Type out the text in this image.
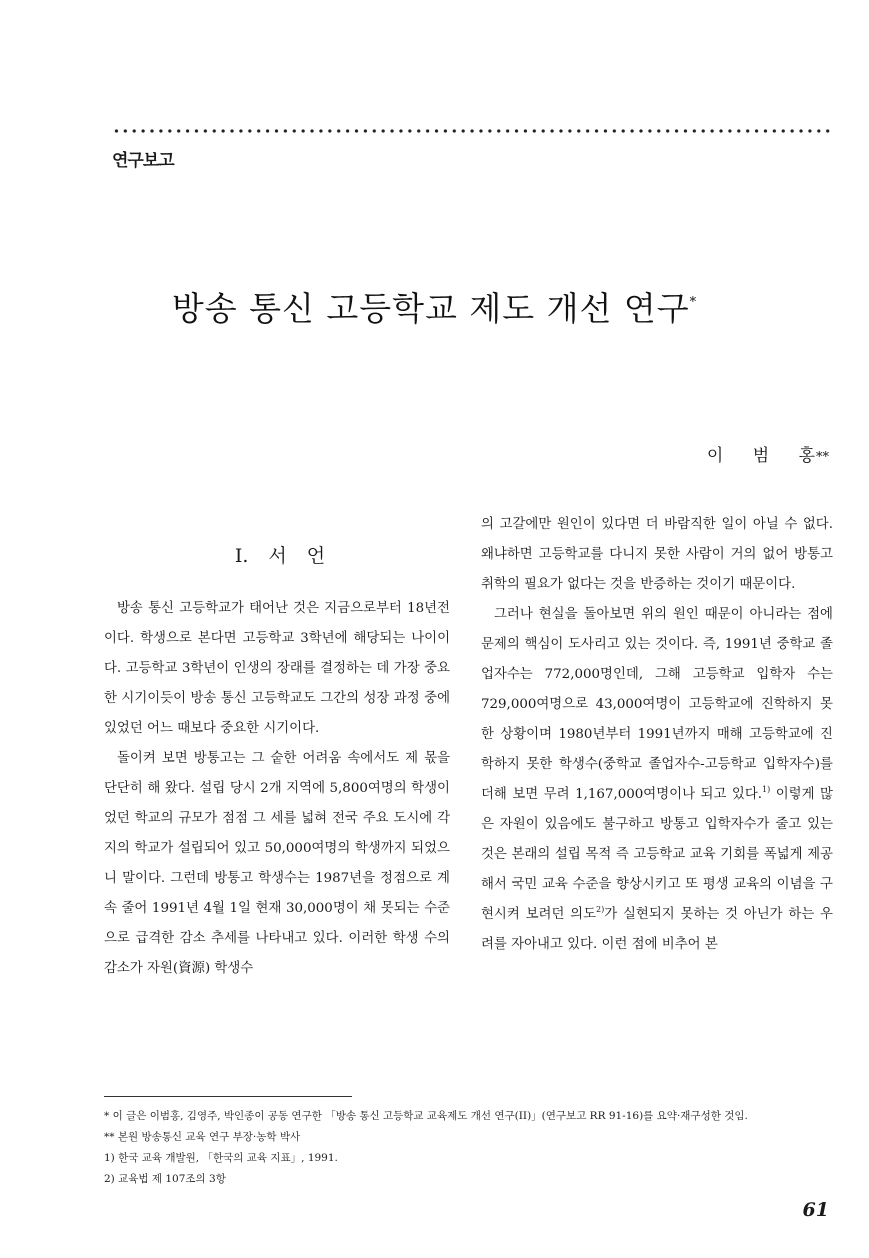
연구보고
방송 통신 고등학교 제도 개선 연구*
이 범 홍**
I. 서 언

방송 통신 고등학교가 태어난 것은 지금으로부터 18년전이다. 학생으로 본다면 고등학교 3학년에 해당되는 나이이다. 고등학교 3학년이 인생의 장래를 결정하는 데 가장 중요한 시기이듯이 방송 통신 고등학교도 그간의 성장 과정 중에 있었던 어느 때보다 중요한 시기이다.

돌이켜 보면 방통고는 그 숱한 어려움 속에서도 제 몫을 단단히 해 왔다. 설립 당시 2개 지역에 5,800여명의 학생이었던 학교의 규모가 점점 그 세를 넓혀 전국 주요 도시에 각지의 학교가 설립되어 있고 50,000여명의 학생까지 되었으니 말이다. 그런데 방통고 학생수는 1987년을 정점으로 계속 줄어 1991년 4월 1일 현재 30,000명이 채 못되는 수준으로 급격한 감소 추세를 나타내고 있다. 이러한 학생 수의 감소가 자원(資源) 학생수

의 고갈에만 원인이 있다면 더 바람직한 일이 아닐 수 없다. 왜냐하면 고등학교를 다니지 못한 사람이 거의 없어 방통고 취학의 필요가 없다는 것을 반증하는 것이기 때문이다.

그러나 현실을 돌아보면 위의 원인 때문이 아니라는 점에 문제의 핵심이 도사리고 있는 것이다. 즉, 1991년 중학교 졸업자수는 772,000명인데, 그해 고등학교 입학자 수는 729,000여명으로 43,000여명이 고등학교에 진학하지 못한 상황이며 1980년부터 1991년까지 매해 고등학교에 진학하지 못한 학생수(중학교 졸업자수-고등학교 입학자수)를 더해 보면 무려 1,167,000여명이나 되고 있다.$^{1)}$ 이렇게 많은 자원이 있음에도 불구하고 방통고 입학자수가 줄고 있는 것은 본래의 설립 목적 즉 고등학교 교육 기회를 폭넓게 제공해서 국민 교육 수준을 향상시키고 또 평생 교육의 이념을 구현시켜 보려던 의도$^{2)}$가 실현되지 못하는 것 아닌가 하는 우려를 자아내고 있다. 이런 점에 비추어 본

* 이 글은 이범홍, 김영주, 박인종이 공동 연구한 「방송 통신 고등학교 교육제도 개선 연구(II)」(연구보고 RR 91-16)를 요약·재구성한 것임.

** 본원 방송통신 교육 연구 부장·농학 박사

1) 한국 교육 개발원, 「한국의 교육 지표」, 1991.

2) 교육법 제 107조의 3항

61
